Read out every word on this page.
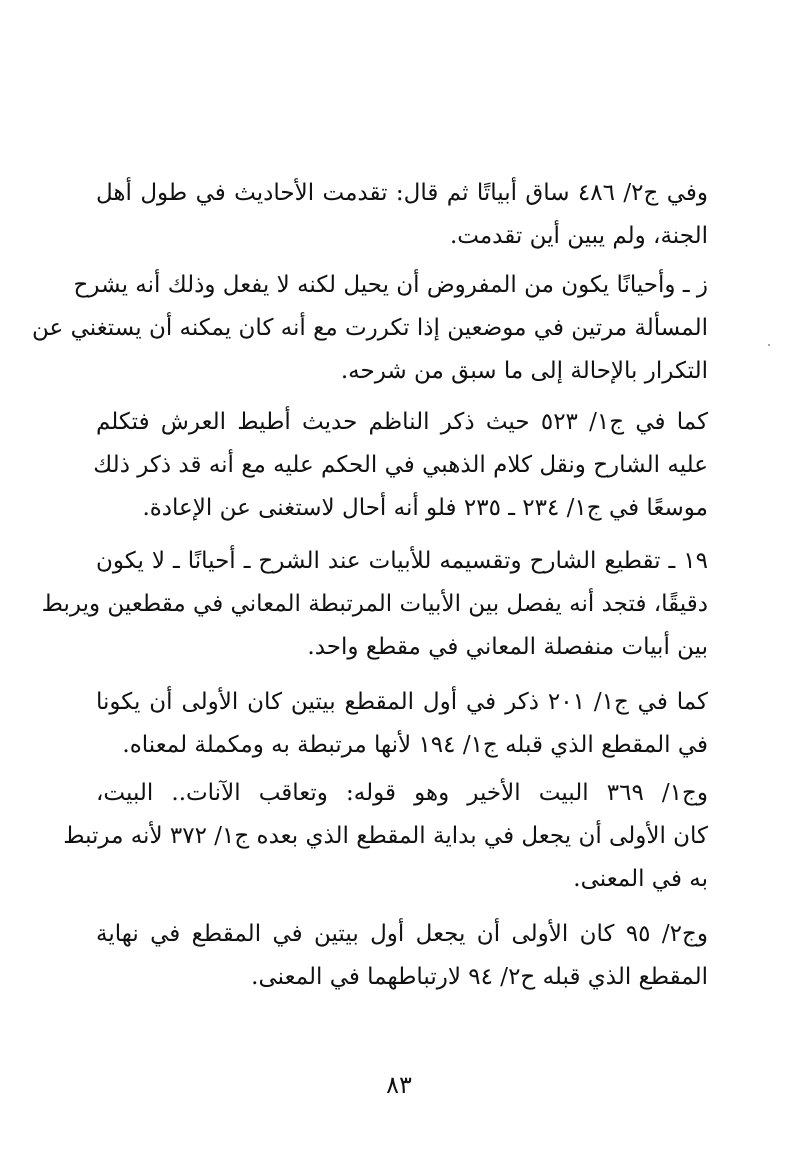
وفي ج٢/ ٤٨٦ ساق أبياتًا ثم قال: تقدمت الأحاديث في طول أهل
الجنة، ولم يبين أين تقدمت.
ز ـ وأحيانًا يكون من المفروض أن يحيل لكنه لا يفعل وذلك أنه يشرح
المسألة مرتين في موضعين إذا تكررت مع أنه كان يمكنه أن يستغني عن
التكرار بالإحالة إلى ما سبق من شرحه.
كما في ج١/ ٥٢٣ حيث ذكر الناظم حديث أطيط العرش فتكلم
عليه الشارح ونقل كلام الذهبي في الحكم عليه مع أنه قد ذكر ذلك
موسعًا في ج١/ ٢٣٤ ـ ٢٣٥ فلو أنه أحال لاستغنى عن الإعادة.
١٩ ـ تقطيع الشارح وتقسيمه للأبيات عند الشرح ـ أحيانًا ـ لا يكون
دقيقًا، فتجد أنه يفصل بين الأبيات المرتبطة المعاني في مقطعين ويربط
بين أبيات منفصلة المعاني في مقطع واحد.
كما في ج١/ ٢٠١ ذكر في أول المقطع بيتين كان الأولى أن يكونا
في المقطع الذي قبله ج١/ ١٩٤ لأنها مرتبطة به ومكملة لمعناه.
وج١/ ٣٦٩ البيت الأخير وهو قوله: وتعاقب الآنات.. البيت،
كان الأولى أن يجعل في بداية المقطع الذي بعده ج١/ ٣٧٢ لأنه مرتبط
به في المعنى.
وج٢/ ٩٥ كان الأولى أن يجعل أول بيتين في المقطع في نهاية
المقطع الذي قبله ح٢/ ٩٤ لارتباطهما في المعنى.
٨٣
